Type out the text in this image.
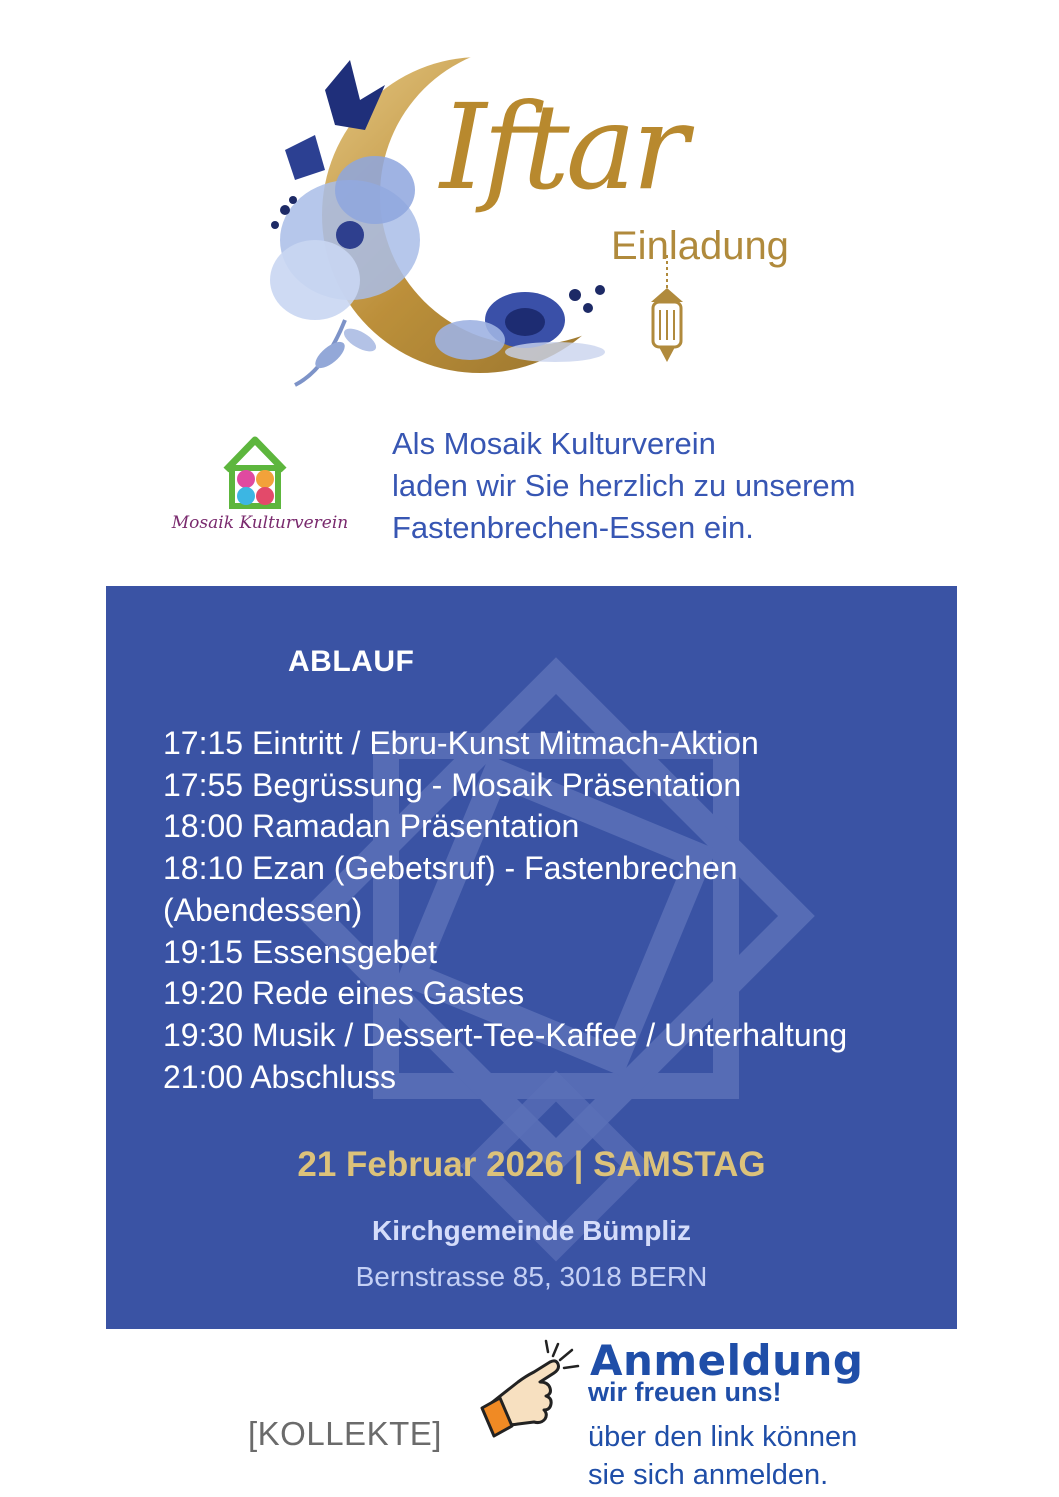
Iftar
Einladung
Mosaik Kulturverein
Als Mosaik Kulturverein
laden wir Sie herzlich zu unserem
Fastenbrechen-Essen ein.
ABLAUF
17:15 Eintritt / Ebru-Kunst Mitmach-Aktion
17:55 Begrüssung - Mosaik Präsentation
18:00 Ramadan Präsentation
18:10 Ezan (Gebetsruf) - Fastenbrechen
(Abendessen)
19:15 Essensgebet
19:20 Rede eines Gastes
19:30 Musik / Dessert-Tee-Kaffee / Unterhaltung
21:00 Abschluss
21 Februar 2026 | SAMSTAG
Kirchgemeinde Bümpliz
Bernstrasse 85, 3018 BERN
[KOLLEKTE]
Anmeldung
wir freuen uns!
über den link können
sie sich anmelden.
